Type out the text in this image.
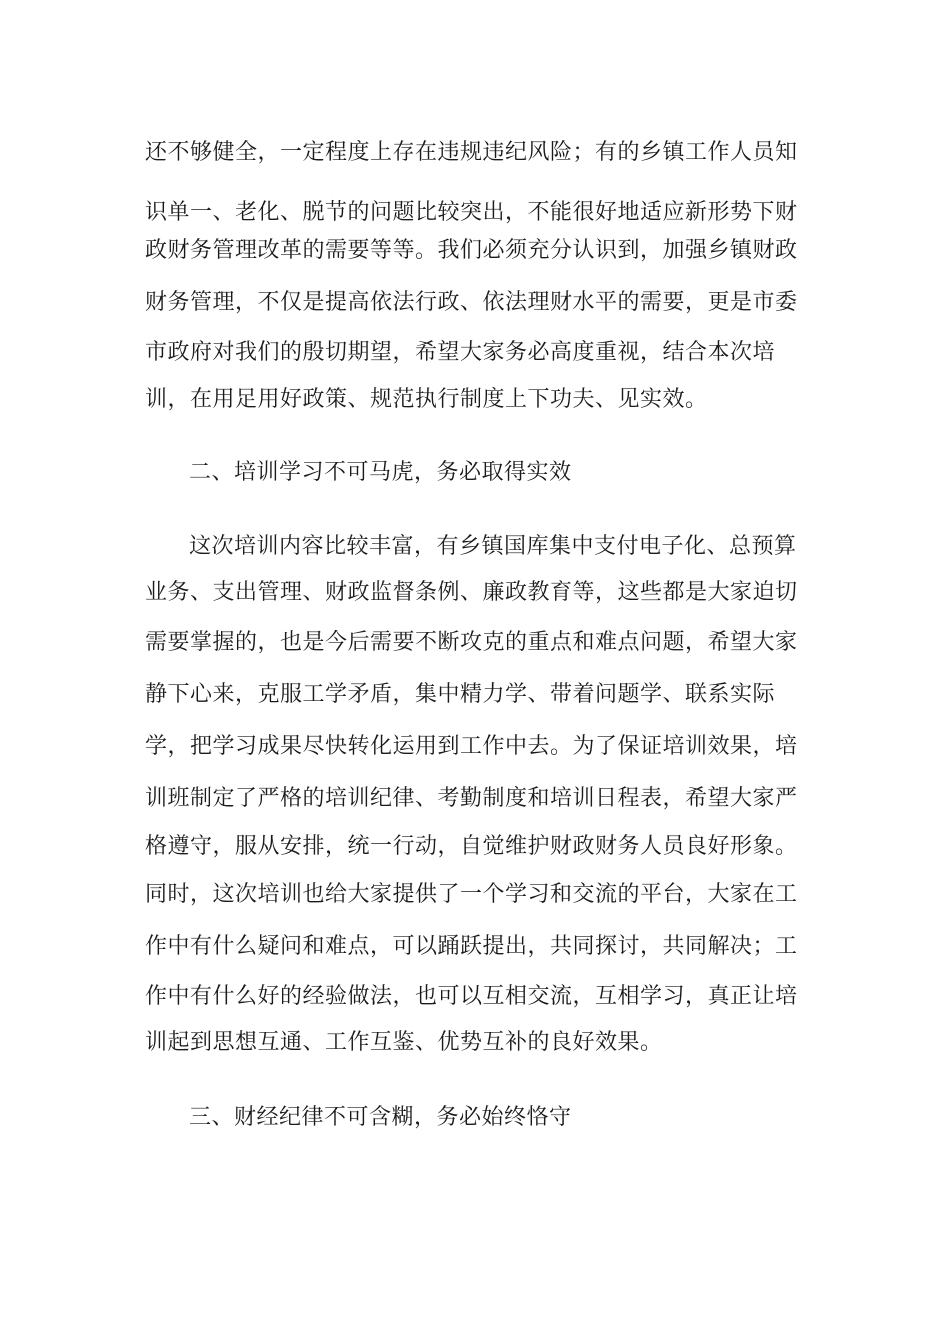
还不够健全，一定程度上存在违规违纪风险；有的乡镇工作人员知
识单一、老化、脱节的问题比较突出，不能很好地适应新形势下财
政财务管理改革的需要等等。我们必须充分认识到，加强乡镇财政
财务管理，不仅是提高依法行政、依法理财水平的需要，更是市委
市政府对我们的殷切期望，希望大家务必高度重视，结合本次培
训，在用足用好政策、规范执行制度上下功夫、见实效。
二、培训学习不可马虎，务必取得实效
这次培训内容比较丰富，有乡镇国库集中支付电子化、总预算
业务、支出管理、财政监督条例、廉政教育等，这些都是大家迫切
需要掌握的，也是今后需要不断攻克的重点和难点问题，希望大家
静下心来，克服工学矛盾，集中精力学、带着问题学、联系实际
学，把学习成果尽快转化运用到工作中去。为了保证培训效果，培
训班制定了严格的培训纪律、考勤制度和培训日程表，希望大家严
格遵守，服从安排，统一行动，自觉维护财政财务人员良好形象。
同时，这次培训也给大家提供了一个学习和交流的平台，大家在工
作中有什么疑问和难点，可以踊跃提出，共同探讨，共同解决；工
作中有什么好的经验做法，也可以互相交流，互相学习，真正让培
训起到思想互通、工作互鉴、优势互补的良好效果。
三、财经纪律不可含糊，务必始终恪守
